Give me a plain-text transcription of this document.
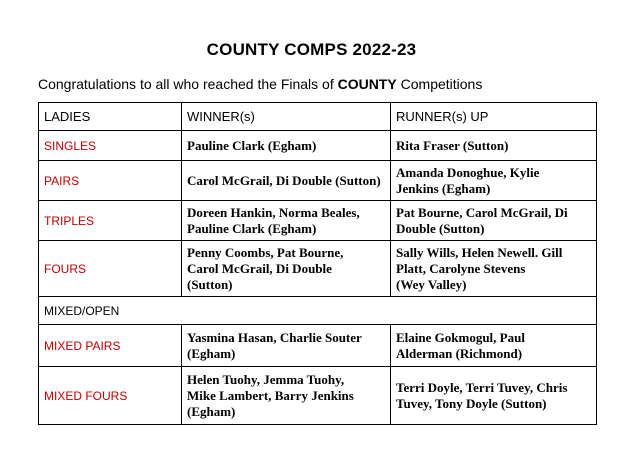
COUNTY COMPS 2022-23
Congratulations to all who reached the Finals of COUNTY Competitions
LADIES	WINNER(s)	RUNNER(s) UP
SINGLES	Pauline Clark (Egham)	Rita Fraser (Sutton)

PAIRS	Carol McGrail, Di Double (Sutton)	Amanda Donoghue, Kylie
Jenkins (Egham)

TRIPLES	Doreen Hankin, Norma Beales,
Pauline Clark (Egham)	Pat Bourne, Carol McGrail, Di
Double (Sutton)

FOURS	Penny Coombs, Pat Bourne,
Carol McGrail, Di Double
(Sutton)	Sally Wills, Helen Newell. Gill
Platt, Carolyne Stevens
(Wey Valley)

MIXED/OPEN		
MIXED PAIRS	Yasmina Hasan, Charlie Souter
(Egham)	Elaine Gokmogul, Paul
Alderman (Richmond)

MIXED FOURS	Helen Tuohy, Jemma Tuohy,
Mike Lambert, Barry Jenkins
(Egham)	Terri Doyle, Terri Tuvey, Chris
Tuvey, Tony Doyle (Sutton)
